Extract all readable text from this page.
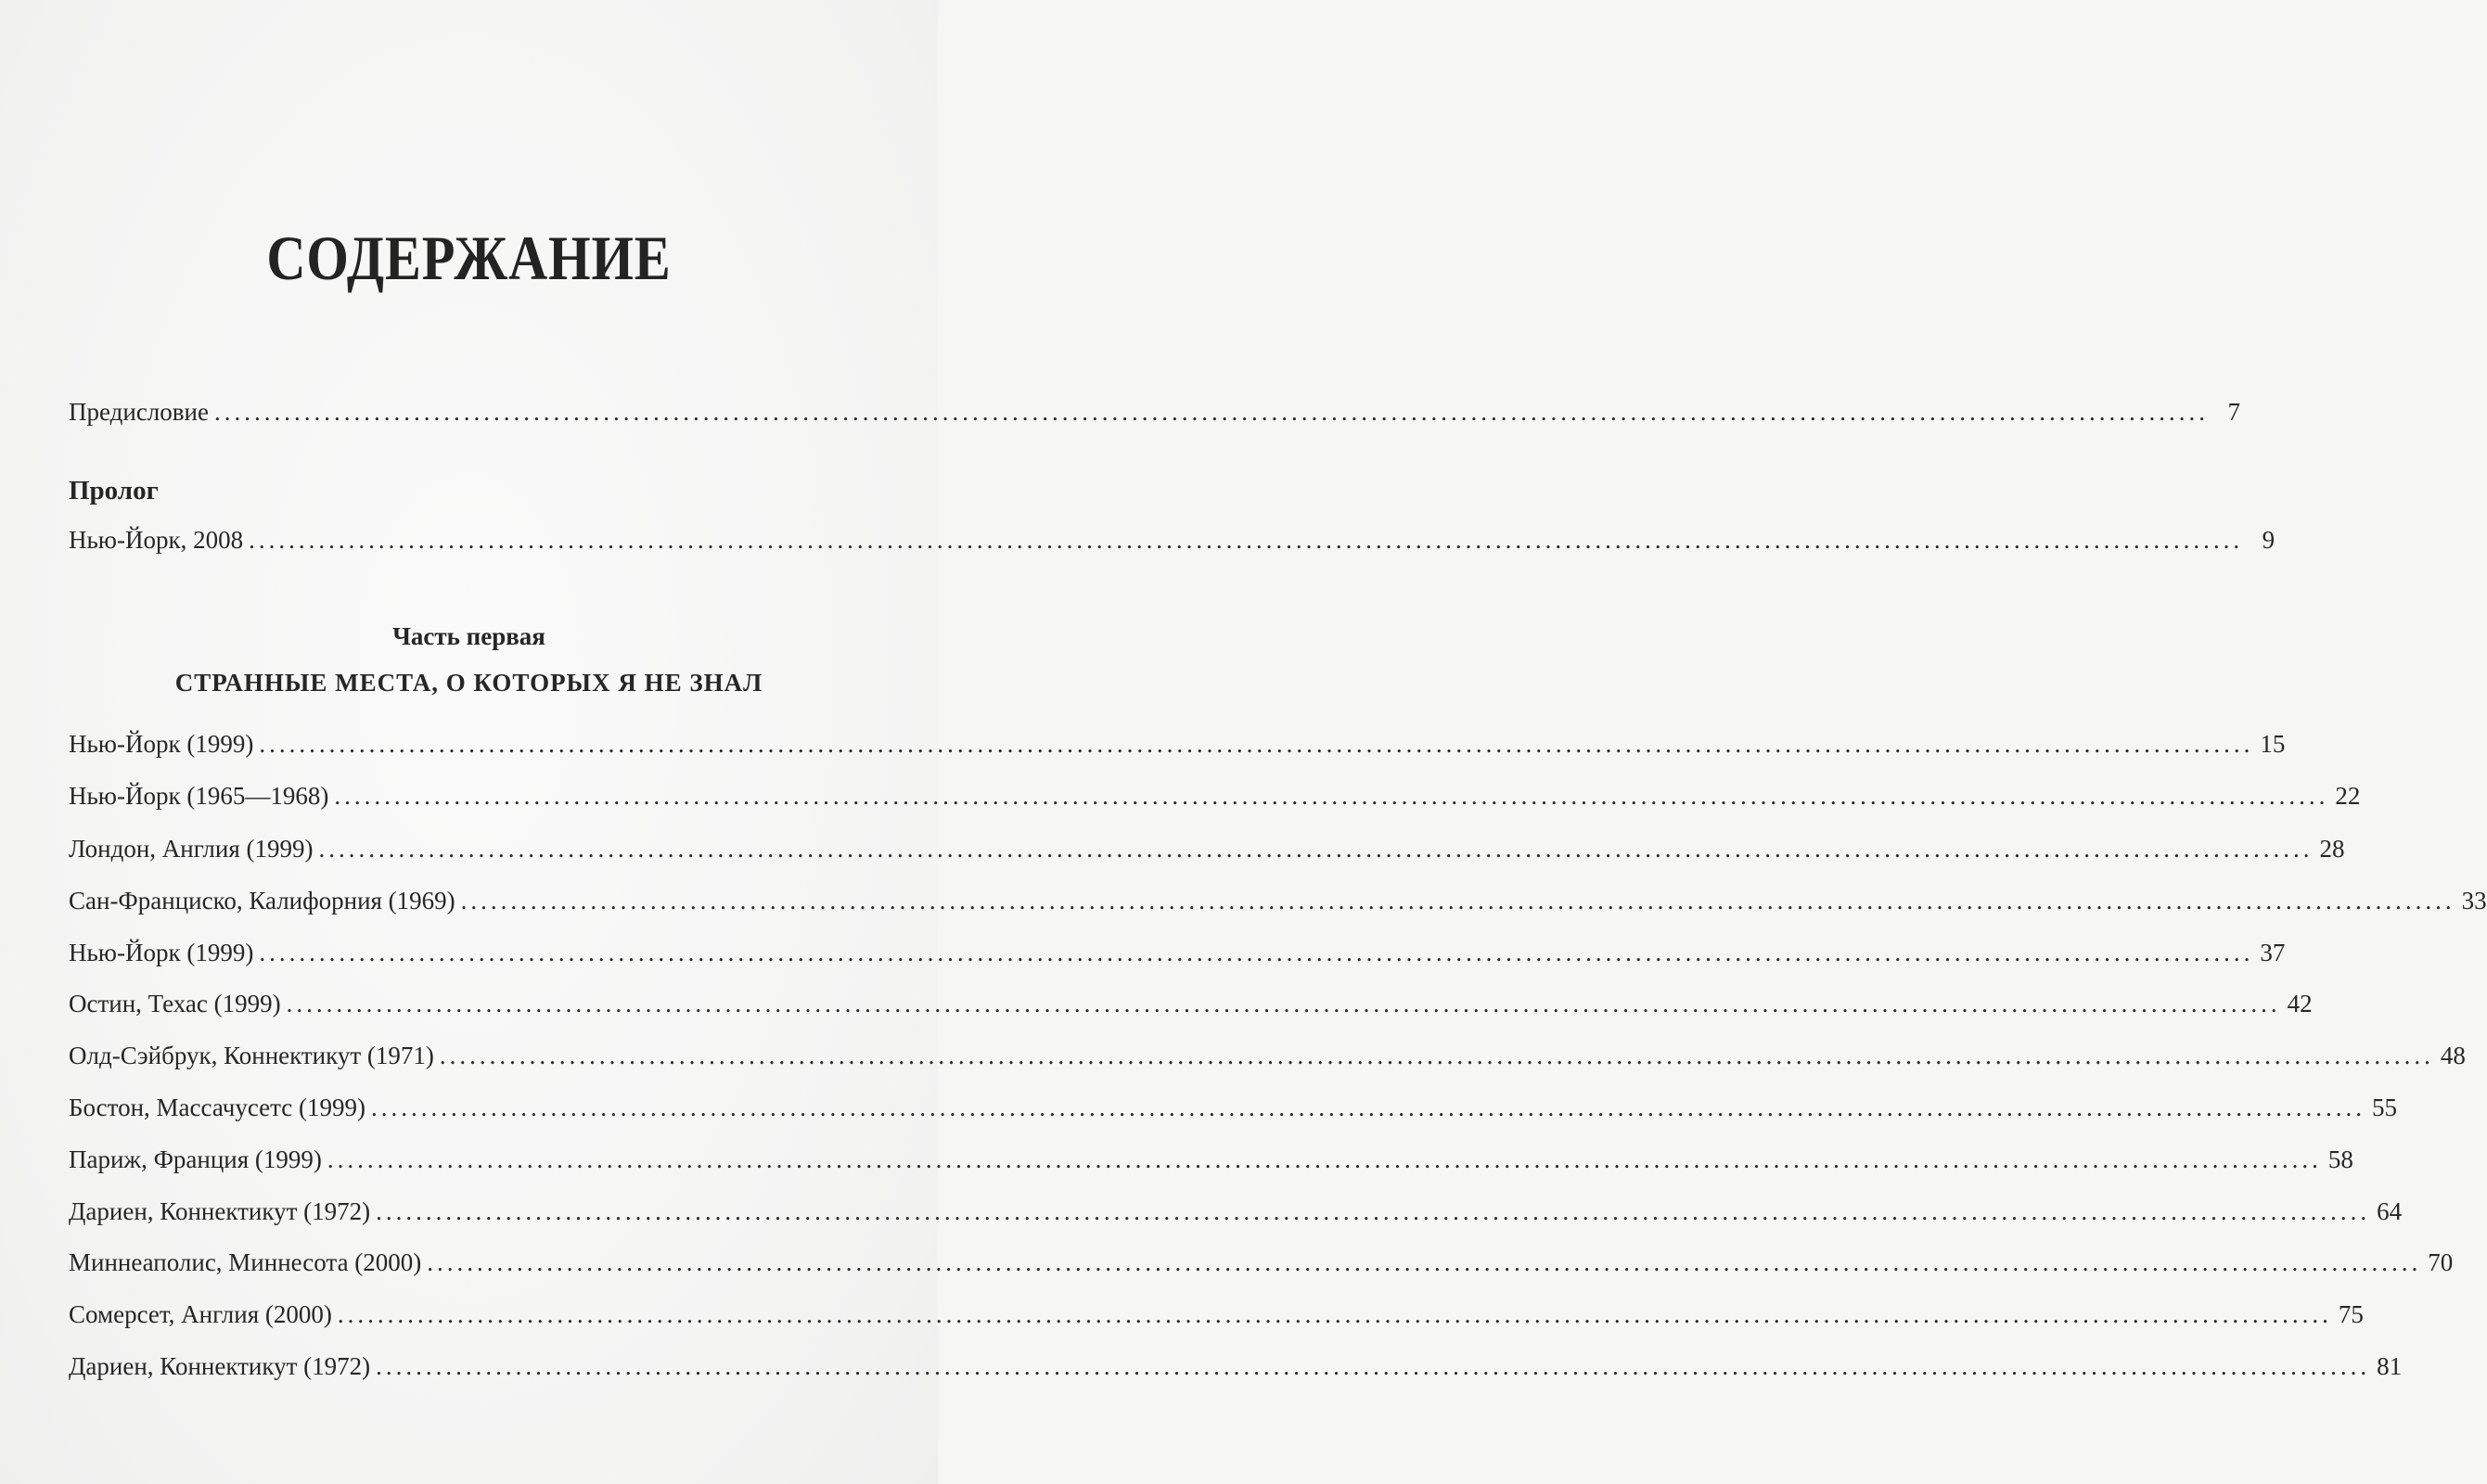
СОДЕРЖАНИЕ
Предисловие ........................................................................................................................................................................................................ 7
Пролог
Нью-Йорк, 2008 ........................................................................................................................................................................................................ 9
Часть первая
СТРАННЫЕ МЕСТА, О КОТОРЫХ Я НЕ ЗНАЛ
Нью-Йорк (1999) ........................................................................................................................................................................................................ 15
Нью-Йорк (1965—1968) ........................................................................................................................................................................................................ 22
Лондон, Англия (1999) ........................................................................................................................................................................................................ 28
Сан-Франциско, Калифорния (1969) ........................................................................................................................................................................................................ 33
Нью-Йорк (1999) ........................................................................................................................................................................................................ 37
Остин, Техас (1999) ........................................................................................................................................................................................................ 42
Олд-Сэйбрук, Коннектикут (1971) ........................................................................................................................................................................................................ 48
Бостон, Массачусетс (1999) ........................................................................................................................................................................................................ 55
Париж, Франция (1999) ........................................................................................................................................................................................................ 58
Дариен, Коннектикут (1972) ........................................................................................................................................................................................................ 64
Миннеаполис, Миннесота (2000) ........................................................................................................................................................................................................ 70
Сомерсет, Англия (2000) ........................................................................................................................................................................................................ 75
Дариен, Коннектикут (1972) ........................................................................................................................................................................................................ 81
